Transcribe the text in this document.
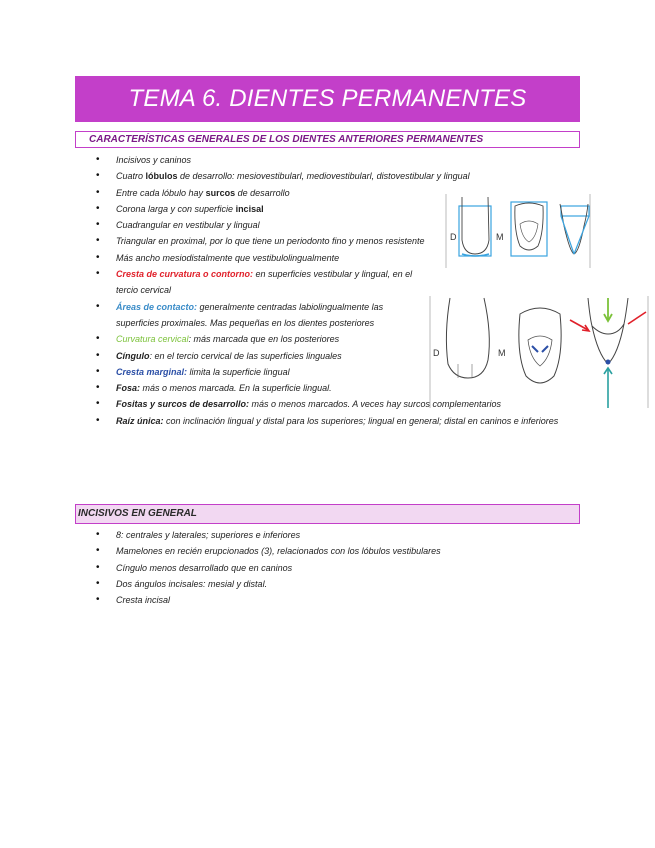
TEMA 6. DIENTES PERMANENTES
CARACTERÍSTICAS GENERALES DE LOS DIENTES ANTERIORES PERMANENTES
• Incisivos y caninos
• Cuatro lóbulos de desarrollo: mesiovestibularl, mediovestibularl, distovestibular y lingual
• Entre cada lóbulo hay surcos de desarrollo
• Corona larga y con superficie incisal
• Cuadrangular en vestibular y lingual
• Triangular en proximal, por lo que tiene un periodonto fino y menos resistente
• Más ancho mesiodistalmente que vestibulolingualmente
• Cresta de curvatura o contorno: en superficies vestibular y lingual, en el tercio cervical
• Áreas de contacto: generalmente centradas labiolingualmente las superficies proximales. Mas pequeñas en los dientes posteriores
• Curvatura cervical: más marcada que en los posteriores
• Cíngulo: en el tercio cervical de las superficies linguales
• Cresta marginal: limita la superficie lingual
• Fosa: más o menos marcada. En la superficie lingual.
• Fositas y surcos de desarrollo: más o menos marcados. A veces hay surcos complementarios
• Raíz única: con inclinación lingual y distal para los superiores; lingual en general; distal en caninos e inferiores
D	M
D	M
INCISIVOS EN GENERAL
• 8: centrales y laterales; superiores e inferiores
• Mamelones en recién erupcionados (3), relacionados con los lóbulos vestibulares
• Cíngulo menos desarrollado que en caninos
• Dos ángulos incisales: mesial y distal.
• Cresta incisal
